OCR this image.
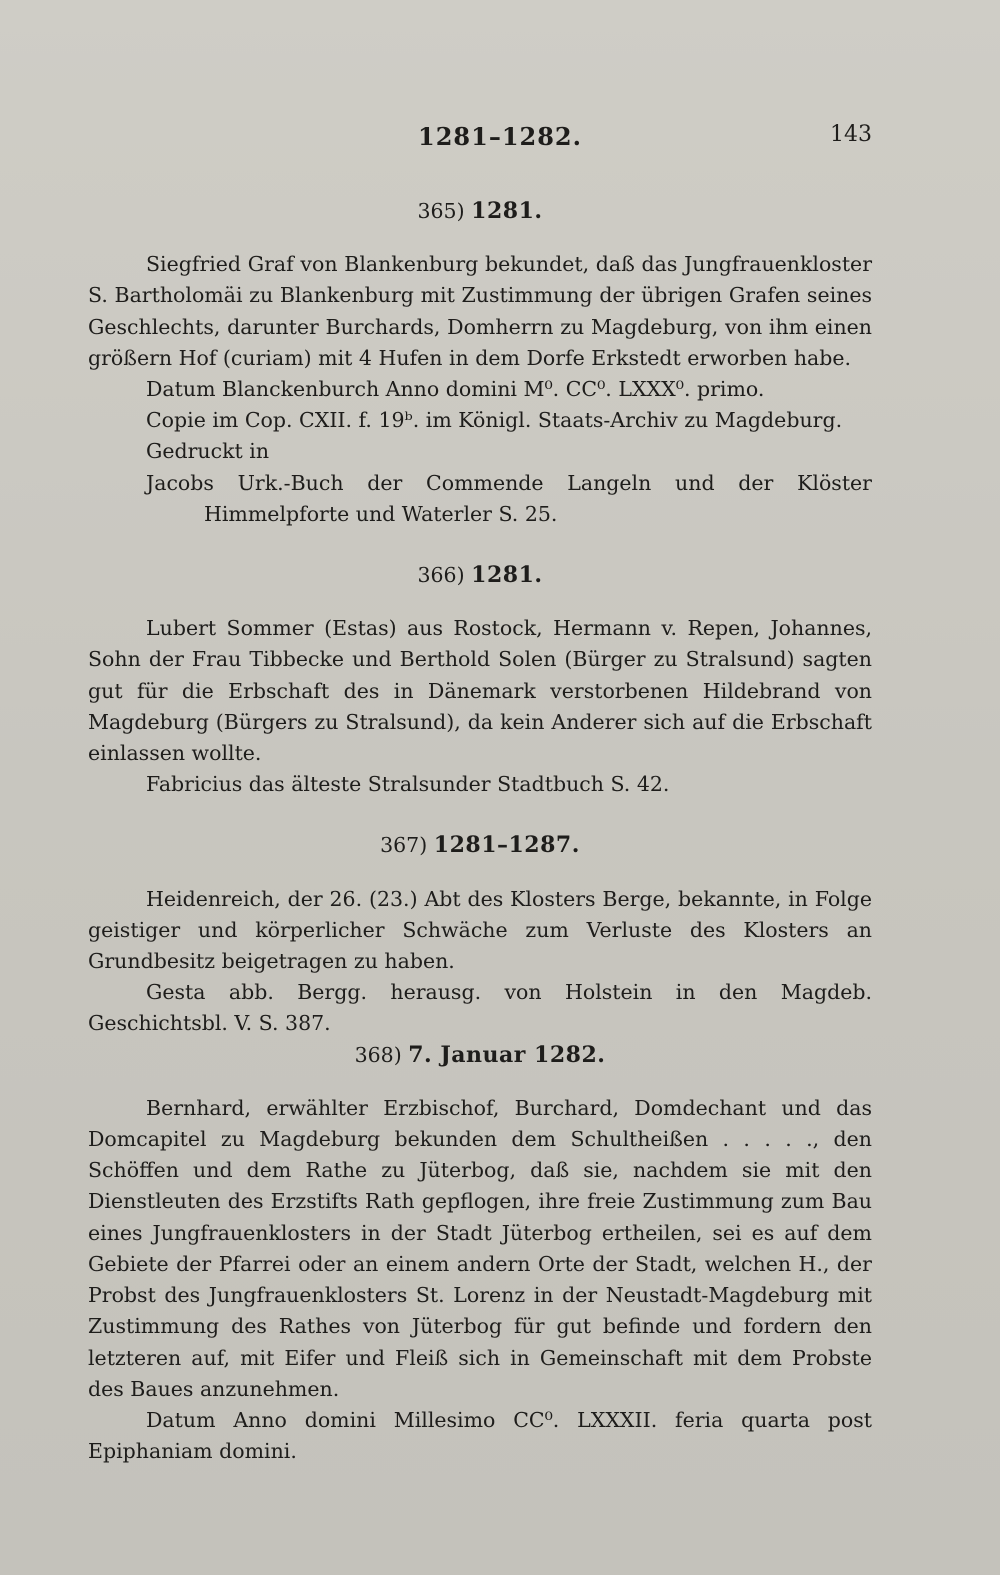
1281–1282.	143

365) 1281.

Siegfried Graf von Blankenburg bekundet, daß das Jungfrauenkloster S. Bartholomäi zu Blankenburg mit Zustimmung der übrigen Grafen seines Geschlechts, darunter Burchards, Domherrn zu Magdeburg, von ihm einen größern Hof (curiam) mit 4 Hufen in dem Dorfe Erkstedt erworben habe.

Datum Blanckenburch Anno domini M⁰. CC⁰. LXXX⁰. primo.

Copie im Cop. CXII. f. 19ᵇ. im Königl. Staats-Archiv zu Magdeburg.

Gedruckt in

Jacobs Urk.-Buch der Commende Langeln und der Klöster Himmelpforte und Waterler S. 25.

366) 1281.

Lubert Sommer (Estas) aus Rostock, Hermann v. Repen, Johannes, Sohn der Frau Tibbecke und Berthold Solen (Bürger zu Stralsund) sagten gut für die Erbschaft des in Dänemark verstorbenen Hildebrand von Magdeburg (Bürgers zu Stralsund), da kein Anderer sich auf die Erbschaft einlassen wollte.

Fabricius das älteste Stralsunder Stadtbuch S. 42.

367) 1281–1287.

Heidenreich, der 26. (23.) Abt des Klosters Berge, bekannte, in Folge geistiger und körperlicher Schwäche zum Verluste des Klosters an Grundbesitz beigetragen zu haben.

Gesta abb. Bergg. herausg. von Holstein in den Magdeb. Geschichtsbl. V. S. 387.

368) 7. Januar 1282.

Bernhard, erwählter Erzbischof, Burchard, Domdechant und das Domcapitel zu Magdeburg bekunden dem Schultheißen . . . . ., den Schöffen und dem Rathe zu Jüterbog, daß sie, nachdem sie mit den Dienstleuten des Erzstifts Rath gepflogen, ihre freie Zustimmung zum Bau eines Jungfrauenklosters in der Stadt Jüterbog ertheilen, sei es auf dem Gebiete der Pfarrei oder an einem andern Orte der Stadt, welchen H., der Probst des Jungfrauenklosters St. Lorenz in der Neustadt-Magdeburg mit Zustimmung des Rathes von Jüterbog für gut befinde und fordern den letzteren auf, mit Eifer und Fleiß sich in Gemeinschaft mit dem Probste des Baues anzunehmen.

Datum Anno domini Millesimo CC⁰. LXXXII. feria quarta post Epiphaniam domini.
